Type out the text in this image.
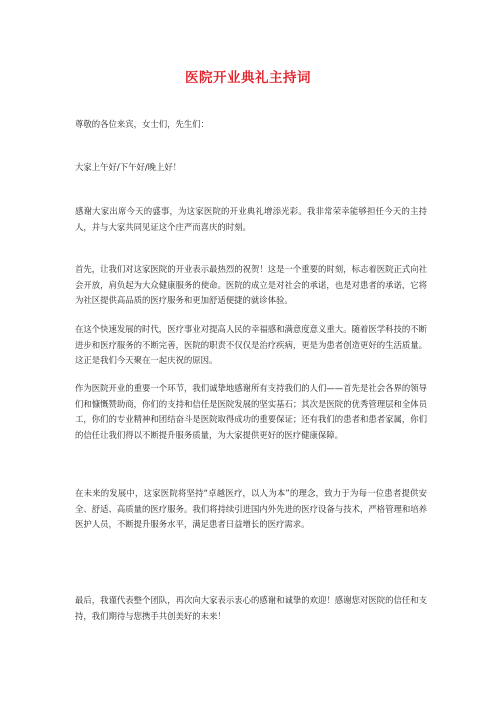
医院开业典礼主持词

尊敬的各位来宾，女士们，先生们：

大家上午好/下午好/晚上好！

感谢大家出席今天的盛事，为这家医院的开业典礼增添光彩。我非常荣幸能够担任今天的主持人，并与大家共同见证这个庄严而喜庆的时刻。

首先，让我们对这家医院的开业表示最热烈的祝贺！这是一个重要的时刻，标志着医院正式向社会开放，肩负起为大众健康服务的使命。医院的成立是对社会的承诺，也是对患者的承诺，它将为社区提供高品质的医疗服务和更加舒适便捷的就诊体验。

在这个快速发展的时代，医疗事业对提高人民的幸福感和满意度意义重大。随着医学科技的不断进步和医疗服务的不断完善，医院的职责不仅仅是治疗疾病，更是为患者创造更好的生活质量。这正是我们今天聚在一起庆祝的原因。

作为医院开业的重要一个环节，我们诚挚地感谢所有支持我们的人们——首先是社会各界的领导们和慷慨赞助商，你们的支持和信任是医院发展的坚实基石；其次是医院的优秀管理层和全体员工，你们的专业精神和团结奋斗是医院取得成功的重要保证；还有我们的患者和患者家属，你们的信任让我们得以不断提升服务质量，为大家提供更好的医疗健康保障。

在未来的发展中，这家医院将坚持“卓越医疗，以人为本”的理念，致力于为每一位患者提供安全、舒适、高质量的医疗服务。我们将持续引进国内外先进的医疗设备与技术，严格管理和培养医护人员，不断提升服务水平，满足患者日益增长的医疗需求。

最后，我谨代表整个团队，再次向大家表示衷心的感谢和诚挚的欢迎！感谢您对医院的信任和支持，我们期待与您携手共创美好的未来！
